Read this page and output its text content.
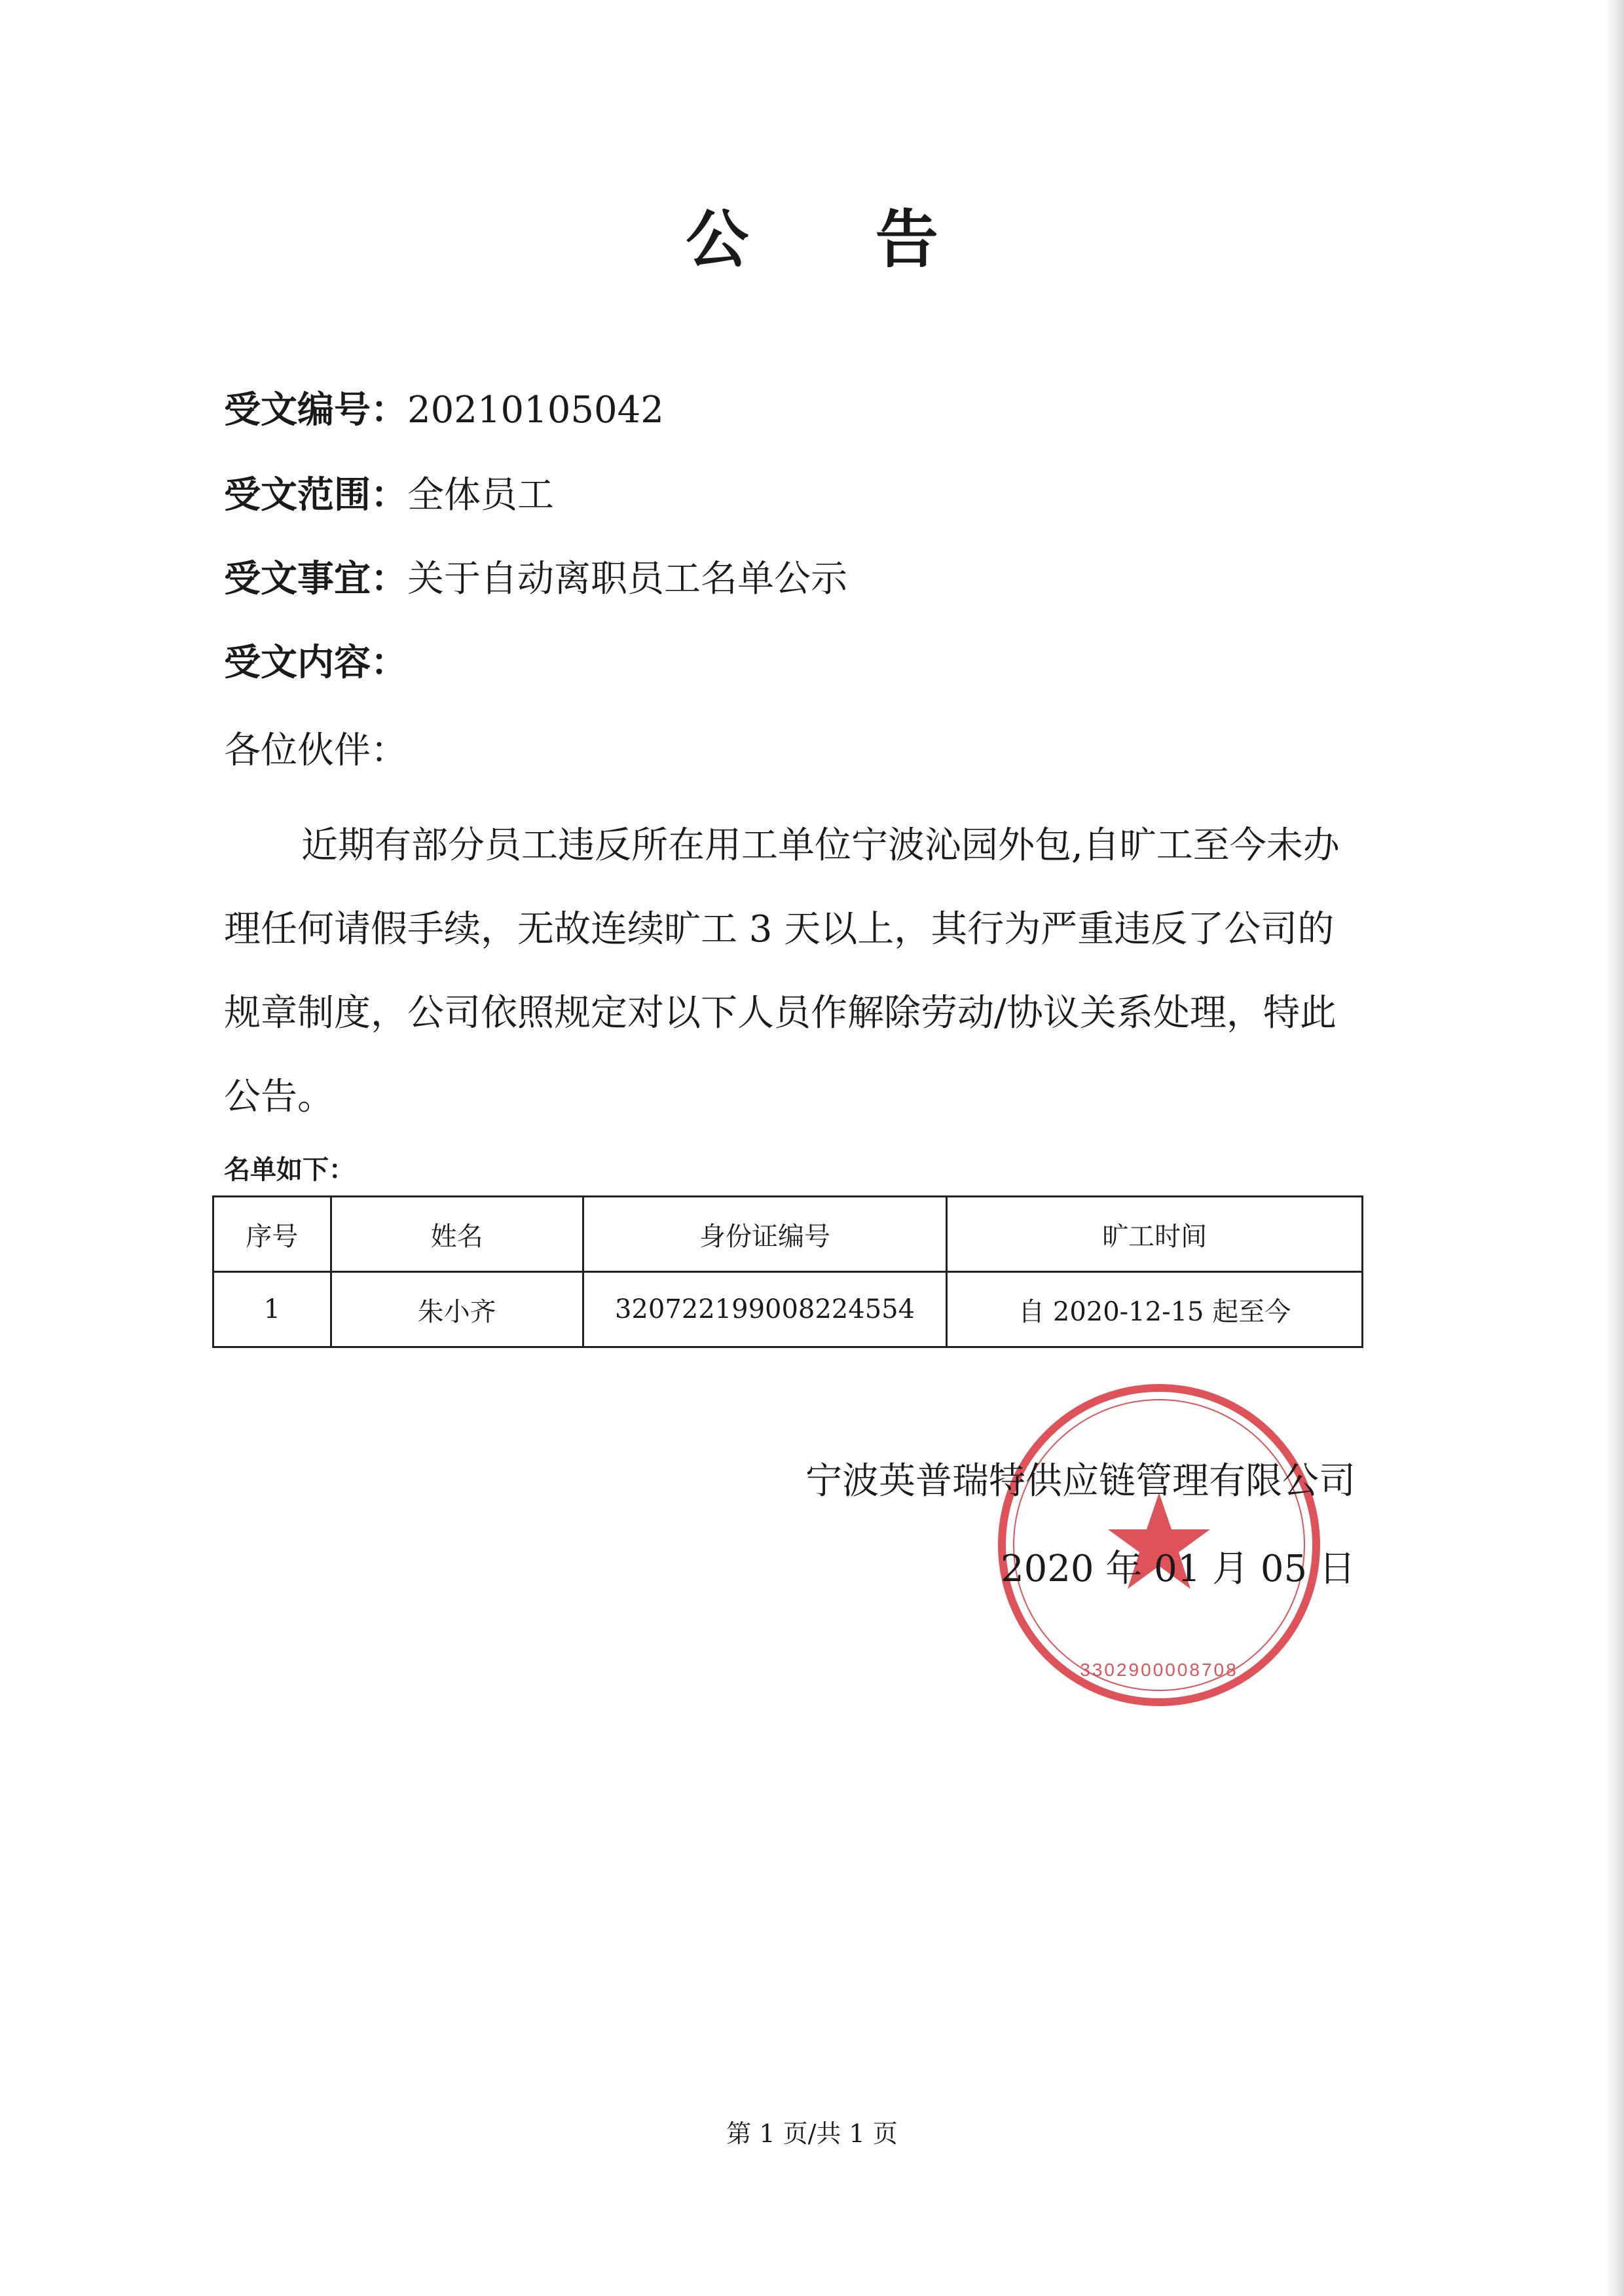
公 告
受文编号：20210105042
受文范围：全体员工
受文事宜：关于自动离职员工名单公示
受文内容：
各位伙伴：
近期有部分员工违反所在用工单位宁波沁园外包,自旷工至今未办理任何请假手续，无故连续旷工 3 天以上，其行为严重违反了公司的规章制度，公司依照规定对以下人员作解除劳动/协议关系处理，特此公告。
名单如下：
序号	姓名	身份证编号	旷工时间
1	朱小齐	320722199008224554	自 2020-12-15 起至今
3302900008708
宁波英普瑞特供应链管理有限公司
2020 年 01 月 05 日
第 1 页/共 1 页
